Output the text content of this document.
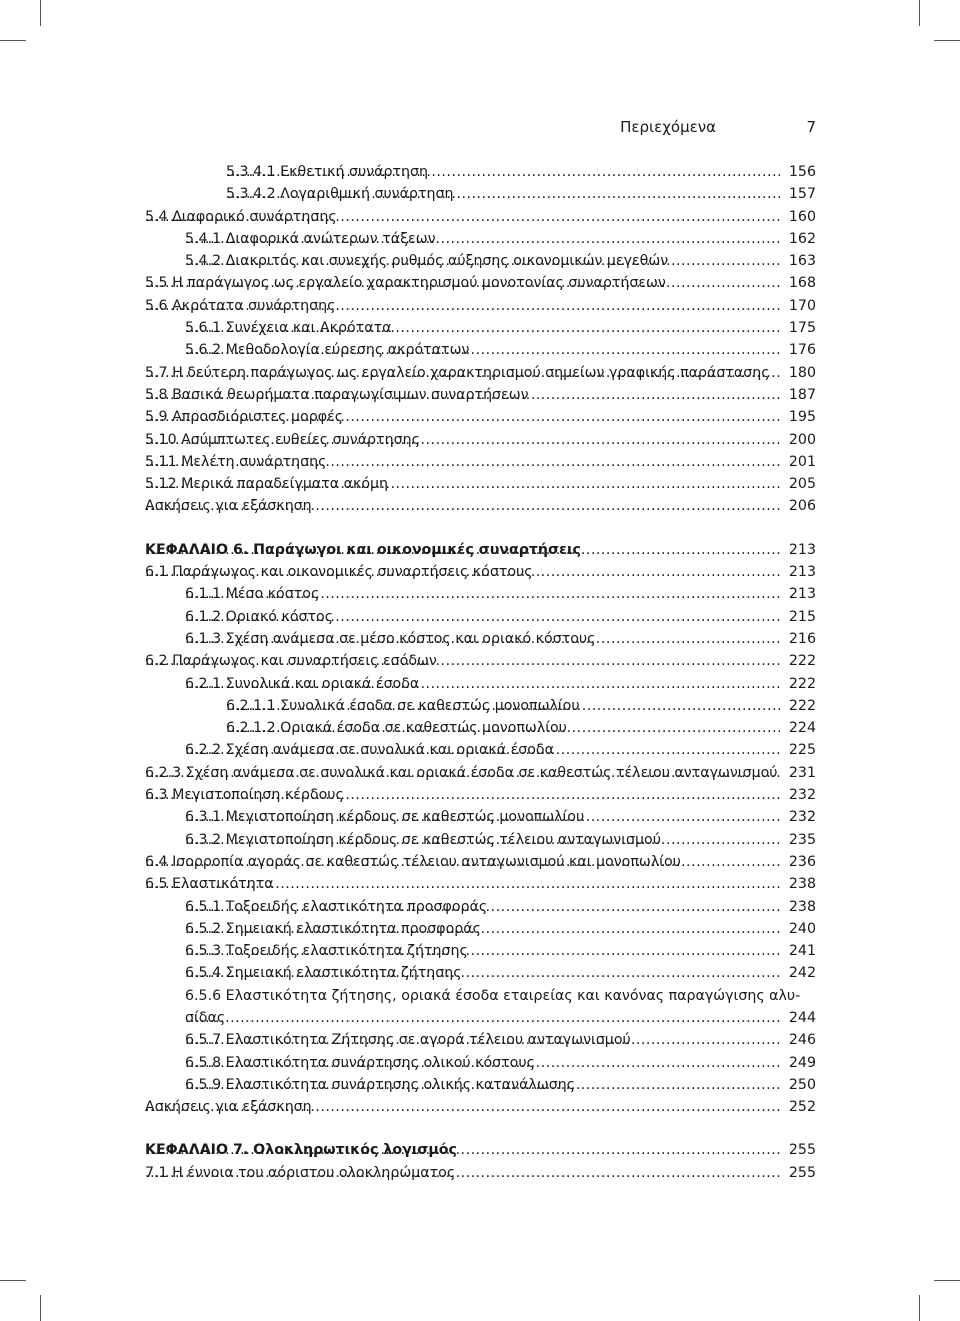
Περιεχόμενα	7
.....
5.3.4.1 Εκθετική συνάρτηση	156
.....
5.3.4.2 Λογαριθμική συνάρτηση	157
.....
5.4 Διαφορικό συνάρτησης	160
.....
5.4.1 Διαφορικά ανώτερων τάξεων	162
.....
5.4.2 Διακριτός και συνεχής ρυθμός αύξησης οικονομικών μεγεθών	163
.....
5.5 Η παράγωγος ως εργαλείο χαρακτηρισμού μονοτονίας συναρτήσεων	168
.....
5.6 Ακρότατα συνάρτησης	170
.....
5.6.1 Συνέχεια και Ακρότατα	175
.....
5.6.2 Μεθοδολογία εύρεσης ακρότατων	176
.....
5.7 Η δεύτερη παράγωγος ως εργαλείο χαρακτηρισμού σημείων γραφικής παράστασης	180
.....
5.8 Βασικά θεωρήματα παραγωγίσιμων συναρτήσεων	187
.....
5.9 Απροσδιόριστες μορφές	195
.....
5.10 Ασύμπτωτες ευθείες συνάρτησης	200
.....
5.11 Μελέτη συνάρτησης	201
.....
5.12 Μερικά παραδείγματα ακόμη	205
.....
Ασκήσεις για εξάσκηση	206
.....
ΚΕΦΑΛΑΙΟ 6. Παράγωγοι και οικονομικές συναρτήσεις	213
.....
6.1 Παράγωγος και οικονομικές συναρτήσεις κόστους	213
.....
6.1.1 Μέσο κόστος	213
.....
6.1.2 Οριακό κόστος	215
.....
6.1.3 Σχέση ανάμεσα σε μέσο κόστος και οριακό κόστους	216
.....
6.2 Παράγωγος και συναρτήσεις εσόδων	222
.....
6.2.1 Συνολικά και οριακά έσοδα	222
.....
6.2.1.1 Συνολικά έσοδα σε καθεστώς μονοπωλίου	222
.....
6.2.1.2 Οριακά έσοδα σε καθεστώς μονοπωλίου	224
.....
6.2.2 Σχέση ανάμεσα σε συνολικά και οριακά έσοδα	225
.....
6.2.3 Σχέση ανάμεσα σε συνολικά και οριακά έσοδα σε καθεστώς τέλειου ανταγωνισμού 231
.....
6.3 Μεγιστοποίηση κέρδους	232
.....
6.3.1 Μεγιστοποίηση κέρδους σε καθεστώς μονοπωλίου	232
.....
6.3.2 Μεγιστοποίηση κέρδους σε καθεστώς τέλειου ανταγωνισμού	235
.....
6.4 Ισορροπία αγοράς σε καθεστώς τέλειου ανταγωνισμού και μονοπωλίου	236
.....
6.5 Ελαστικότητα	238
.....
6.5.1 Τοξοειδής ελαστικότητα προσφοράς	238
.....
6.5.2 Σημειακή ελαστικότητα προσφοράς	240
.....
6.5.3 Τοξοειδής ελαστικότητα ζήτησης	241
.....
6.5.4 Σημειακή ελαστικότητα ζήτησης	242
6.5.6 Ελαστικότητα ζήτησης, οριακά έσοδα εταιρείας και κανόνας παραγώγισης αλυ-
.....
σίδας	244
.....
6.5.7 Ελαστικότητα Ζήτησης σε αγορά τέλειου ανταγωνισμού	246
.....
6.5.8 Ελαστικότητα συνάρτησης ολικού κόστους	249
.....
6.5.9 Ελαστικότητα συνάρτησης ολικής κατανάλωσης	250
.....
Ασκήσεις για εξάσκηση	252
.....
ΚΕΦΑΛΑΙΟ 7. Ολοκληρωτικός λογισμός	255
.....
7.1 Η έννοια του αόριστου ολοκληρώματος	255
